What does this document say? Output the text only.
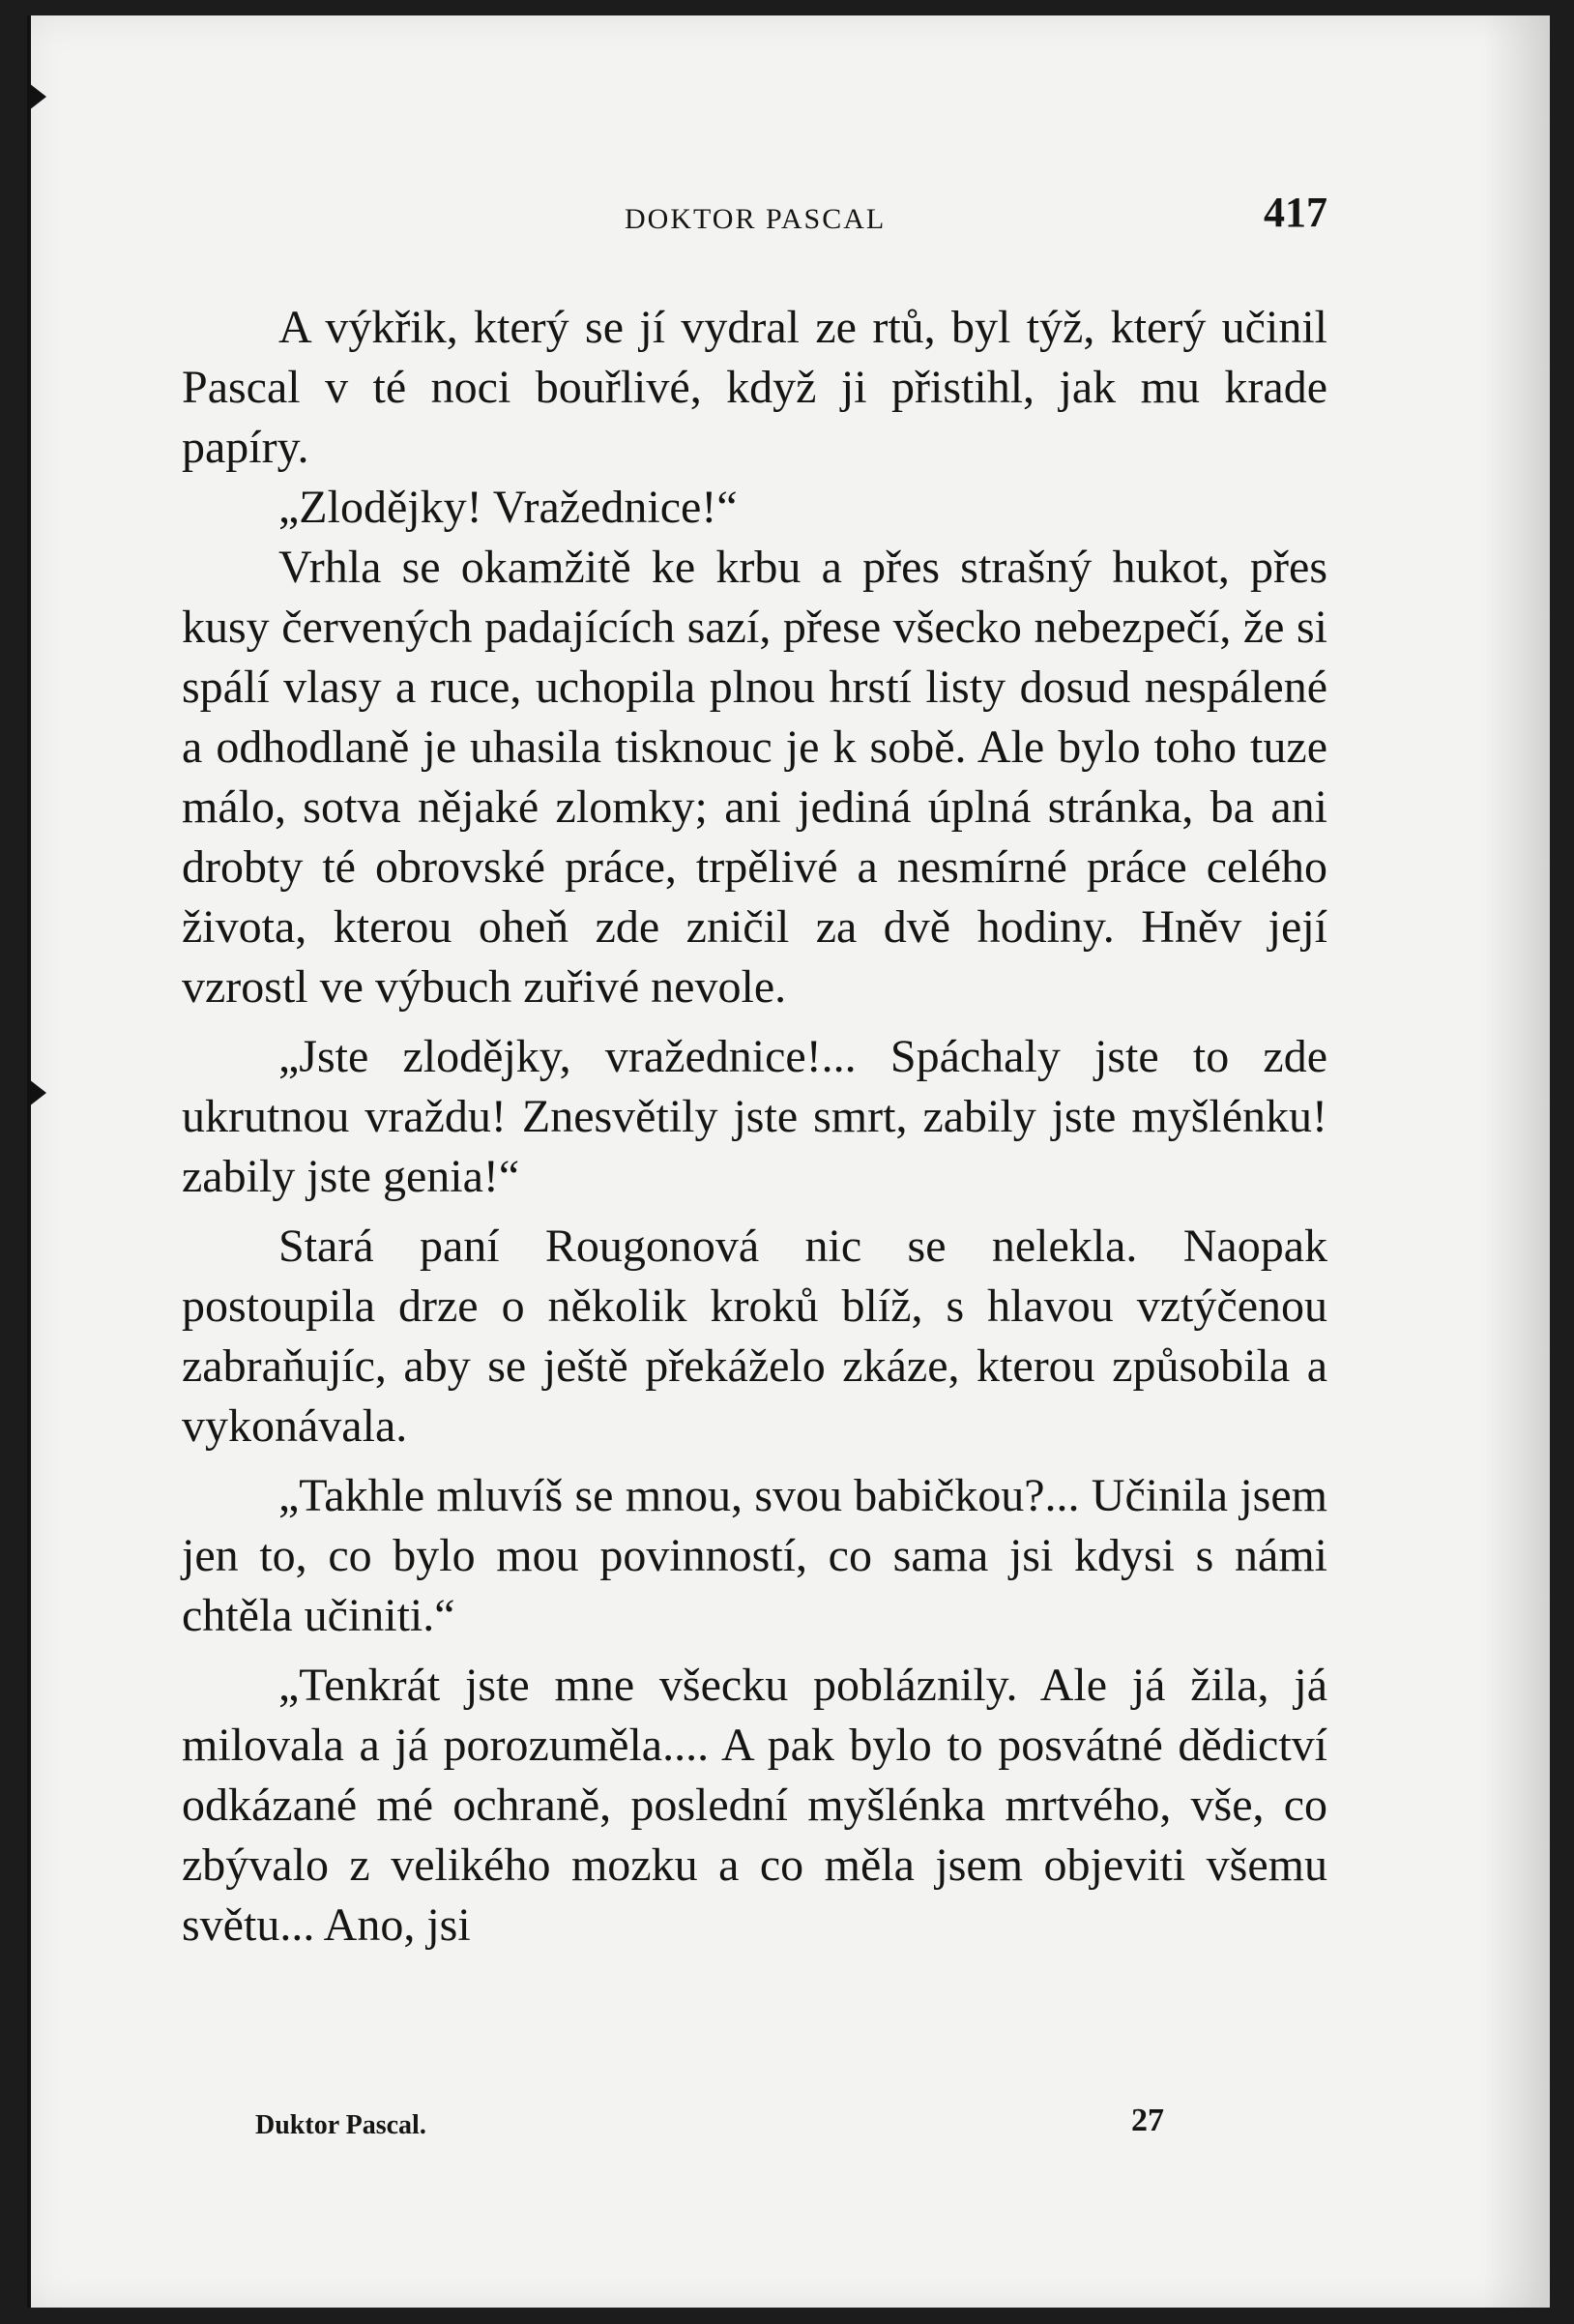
DOKTOR PASCAL	417

A výkřik, který se jí vydral ze rtů, byl týž, který učinil Pascal v té noci bouřlivé, když ji přistihl, jak mu krade papíry.

„Zlodějky! Vražednice!“

Vrhla se okamžitě ke krbu a přes strašný hukot, přes kusy červených padajících sazí, přese všecko nebezpečí, že si spálí vlasy a ruce, uchopila plnou hrstí listy dosud nespálené a odhodlaně je uhasila tisknouc je k sobě. Ale bylo toho tuze málo, sotva nějaké zlomky; ani jediná úplná stránka, ba ani drobty té obrovské práce, trpělivé a nesmírné práce celého života, kterou oheň zde zničil za dvě hodiny. Hněv její vzrostl ve výbuch zuřivé nevole.

„Jste zlodějky, vražednice!... Spáchaly jste to zde ukrutnou vraždu! Znesvětily jste smrt, zabily jste myšlénku! zabily jste genia!“

Stará paní Rougonová nic se nelekla. Naopak postoupila drze o několik kroků blíž, s hlavou vztýčenou zabraňujíc, aby se ještě překáželo zkáze, kterou způsobila a vykonávala.

„Takhle mluvíš se mnou, svou babičkou?... Učinila jsem jen to, co bylo mou povinností, co sama jsi kdysi s námi chtěla učiniti.“

„Tenkrát jste mne všecku pobláznily. Ale já žila, já milovala a já porozuměla.... A pak bylo to posvátné dědictví odkázané mé ochraně, poslední myšlénka mrtvého, vše, co zbývalo z velikého mozku a co měla jsem objeviti všemu světu... Ano, jsi

Duktor Pascal.	27
